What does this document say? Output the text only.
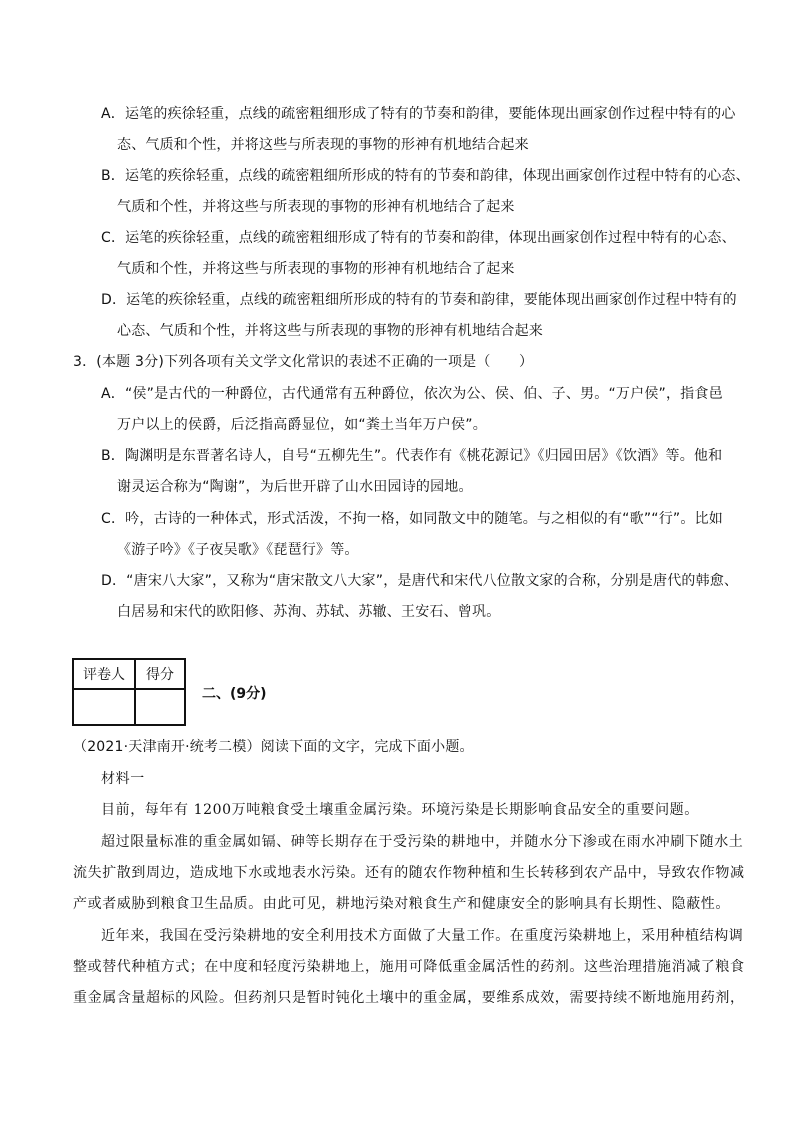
A．运笔的疾徐轻重，点线的疏密粗细形成了特有的节奏和韵律，要能体现出画家创作过程中特有的心
态、气质和个性，并将这些与所表现的事物的形神有机地结合起来
B．运笔的疾徐轻重，点线的疏密粗细所形成的特有的节奏和韵律，体现出画家创作过程中特有的心态、
气质和个性，并将这些与所表现的事物的形神有机地结合了起来
C．运笔的疾徐轻重，点线的疏密粗细形成了特有的节奏和韵律，体现出画家创作过程中特有的心态、
气质和个性，并将这些与所表现的事物的形神有机地结合了起来
D．运笔的疾徐轻重，点线的疏密粗细所形成的特有的节奏和韵律，要能体现出画家创作过程中特有的
心态、气质和个性，并将这些与所表现的事物的形神有机地结合起来
3．(本题 3分)下列各项有关文学文化常识的表述不正确的一项是（　　）
A．“侯”是古代的一种爵位，古代通常有五种爵位，依次为公、侯、伯、子、男。“万户侯”，指食邑
万户以上的侯爵，后泛指高爵显位，如“粪土当年万户侯”。
B．陶渊明是东晋著名诗人，自号“五柳先生”。代表作有《桃花源记》《归园田居》《饮酒》等。他和
谢灵运合称为“陶谢”，为后世开辟了山水田园诗的园地。
C．吟，古诗的一种体式，形式活泼，不拘一格，如同散文中的随笔。与之相似的有“歌”“行”。比如
《游子吟》《子夜吴歌》《琵琶行》等。
D．“唐宋八大家”，又称为“唐宋散文八大家”，是唐代和宋代八位散文家的合称，分别是唐代的韩愈、
白居易和宋代的欧阳修、苏洵、苏轼、苏辙、王安石、曾巩。
评卷人	得分

二、(9分)
（2021·天津南开·统考二模）阅读下面的文字，完成下面小题。
材料一
目前，每年有 1200万吨粮食受土壤重金属污染。环境污染是长期影响食品安全的重要问题。
超过限量标准的重金属如镉、砷等长期存在于受污染的耕地中，并随水分下渗或在雨水冲刷下随水土
流失扩散到周边，造成地下水或地表水污染。还有的随农作物种植和生长转移到农产品中，导致农作物减
产或者威胁到粮食卫生品质。由此可见，耕地污染对粮食生产和健康安全的影响具有长期性、隐蔽性。
近年来，我国在受污染耕地的安全利用技术方面做了大量工作。在重度污染耕地上，采用种植结构调
整或替代种植方式；在中度和轻度污染耕地上，施用可降低重金属活性的药剂。这些治理措施消减了粮食
重金属含量超标的风险。但药剂只是暂时钝化土壤中的重金属，要维系成效，需要持续不断地施用药剂，
